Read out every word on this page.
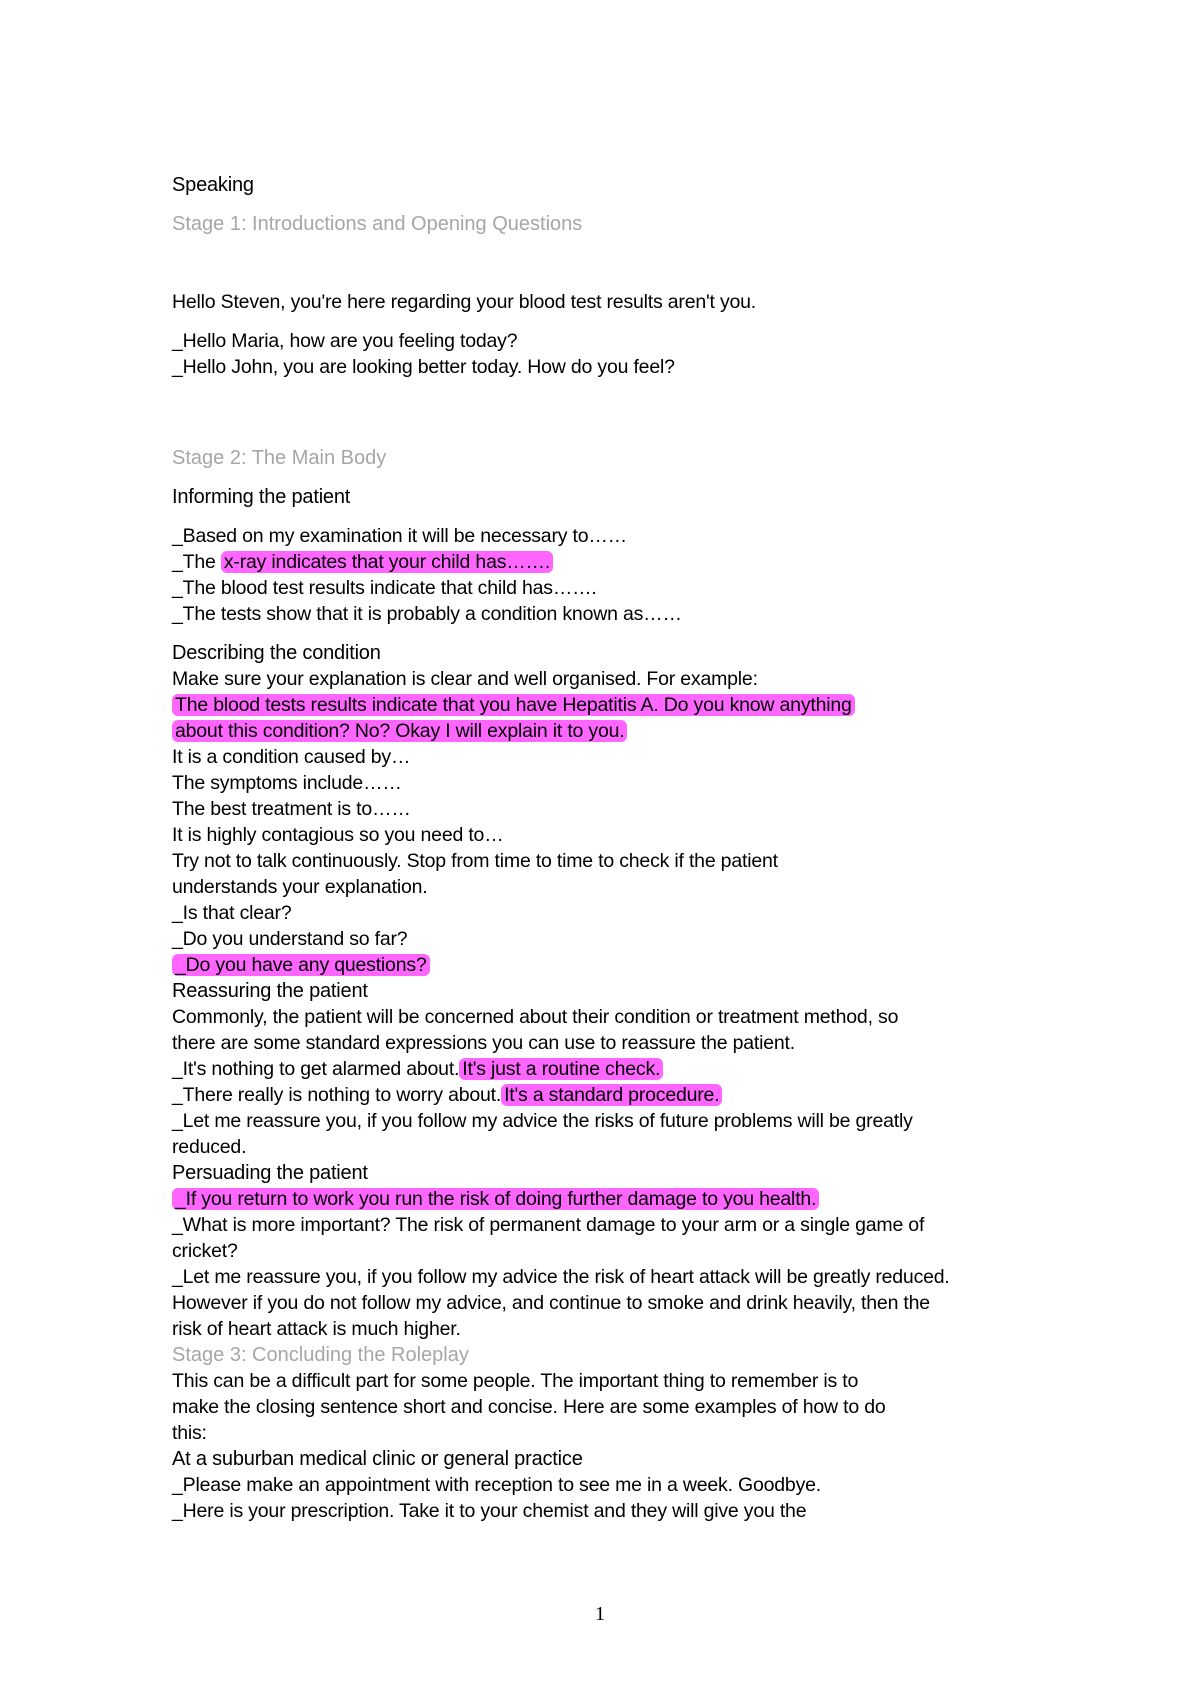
Speaking
Stage 1: Introductions and Opening Questions
Hello Steven, you're here regarding your blood test results aren't you.
_Hello Maria, how are you feeling today?
_Hello John, you are looking better today. How do you feel?
Stage 2: The Main Body
Informing the patient
_Based on my examination it will be necessary to……
_The x-ray indicates that your child has…….
_The blood test results indicate that child has…….
_The tests show that it is probably a condition known as……
Describing the condition
Make sure your explanation is clear and well organised. For example:
The blood tests results indicate that you have Hepatitis A. Do you know anything
about this condition? No? Okay I will explain it to you.
It is a condition caused by…
The symptoms include……
The best treatment is to……
It is highly contagious so you need to…
Try not to talk continuously. Stop from time to time to check if the patient
understands your explanation.
_Is that clear?
_Do you understand so far?
_Do you have any questions?
Reassuring the patient
Commonly, the patient will be concerned about their condition or treatment method, so
there are some standard expressions you can use to reassure the patient.
_It's nothing to get alarmed about. It's just a routine check.
_There really is nothing to worry about. It's a standard procedure.
_Let me reassure you, if you follow my advice the risks of future problems will be greatly
reduced.
Persuading the patient
_If you return to work you run the risk of doing further damage to you health.
_What is more important? The risk of permanent damage to your arm or a single game of
cricket?
_Let me reassure you, if you follow my advice the risk of heart attack will be greatly reduced.
However if you do not follow my advice, and continue to smoke and drink heavily, then the
risk of heart attack is much higher.
Stage 3: Concluding the Roleplay
This can be a difficult part for some people. The important thing to remember is to
make the closing sentence short and concise. Here are some examples of how to do
this:
At a suburban medical clinic or general practice
_Please make an appointment with reception to see me in a week. Goodbye.
_Here is your prescription. Take it to your chemist and they will give you the
1
